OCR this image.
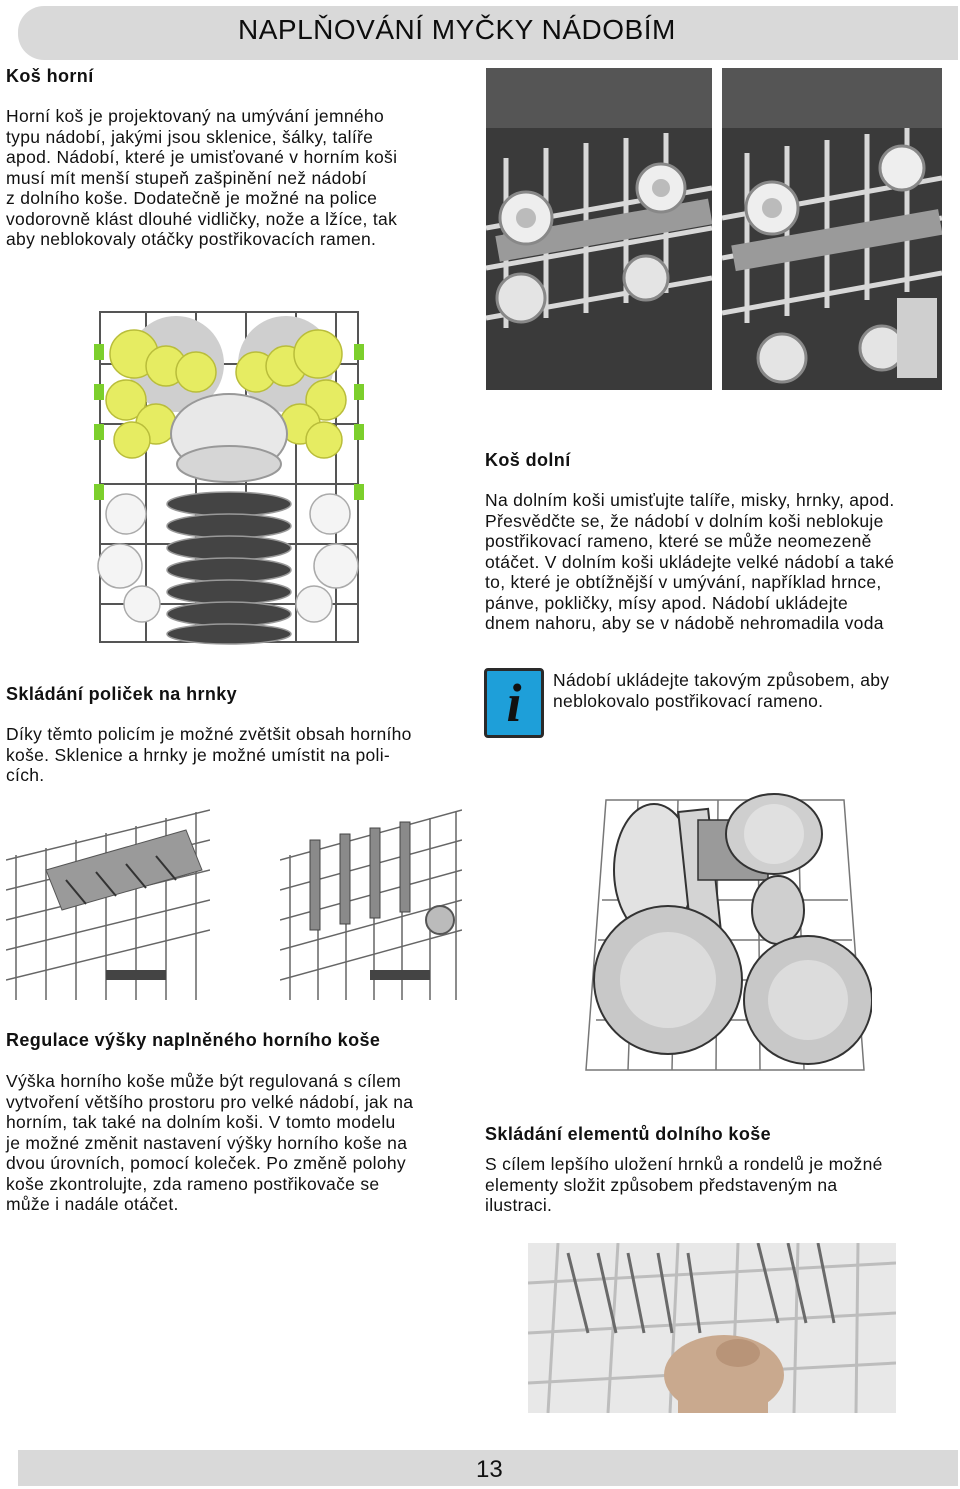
NAPLŇOVÁNÍ MYČKY NÁDOBÍM
Koš horní
Horní koš je projektovaný na umývání jemného
typu nádobí, jakými jsou sklenice, šálky, talíře
apod. Nádobí, které je umisťované v horním koši
musí mít menší stupeň zašpinění než nádobí
z dolního koše. Dodatečně je možné na police
vodorovně klást dlouhé vidličky, nože a lžíce, tak
aby neblokovaly otáčky postřikovacích ramen.
Koš dolní
Na dolním koši umisťujte talíře, misky, hrnky, apod.
Přesvědčte se, že nádobí v dolním koši neblokuje
postřikovací rameno, které se může neomezeně
otáčet. V dolním koši ukládejte velké nádobí a také
to, které je obtížnější v umývání, například hrnce,
pánve, pokličky, mísy apod. Nádobí ukládejte
dnem nahoru, aby se v nádobě nehromadila voda
i Nádobí ukládejte takovým způsobem, aby
neblokovalo postřikovací rameno.
Skládání poliček na hrnky
Díky těmto policím je možné zvětšit obsah horního
koše. Sklenice a hrnky je možné umístit na poli-
cích.
Regulace výšky naplněného horního koše
Výška horního koše může být regulovaná s cílem
vytvoření většího prostoru pro velké nádobí, jak na
horním, tak také na dolním koši. V tomto modelu
je možné změnit nastavení výšky horního koše na
dvou úrovních, pomocí koleček. Po změně polohy
koše zkontrolujte, zda rameno postřikovače se
může i nadále otáčet.
Skládání elementů dolního koše
S cílem lepšího uložení hrnků a rondelů je možné
elementy složit způsobem představeným na
ilustraci.
13
